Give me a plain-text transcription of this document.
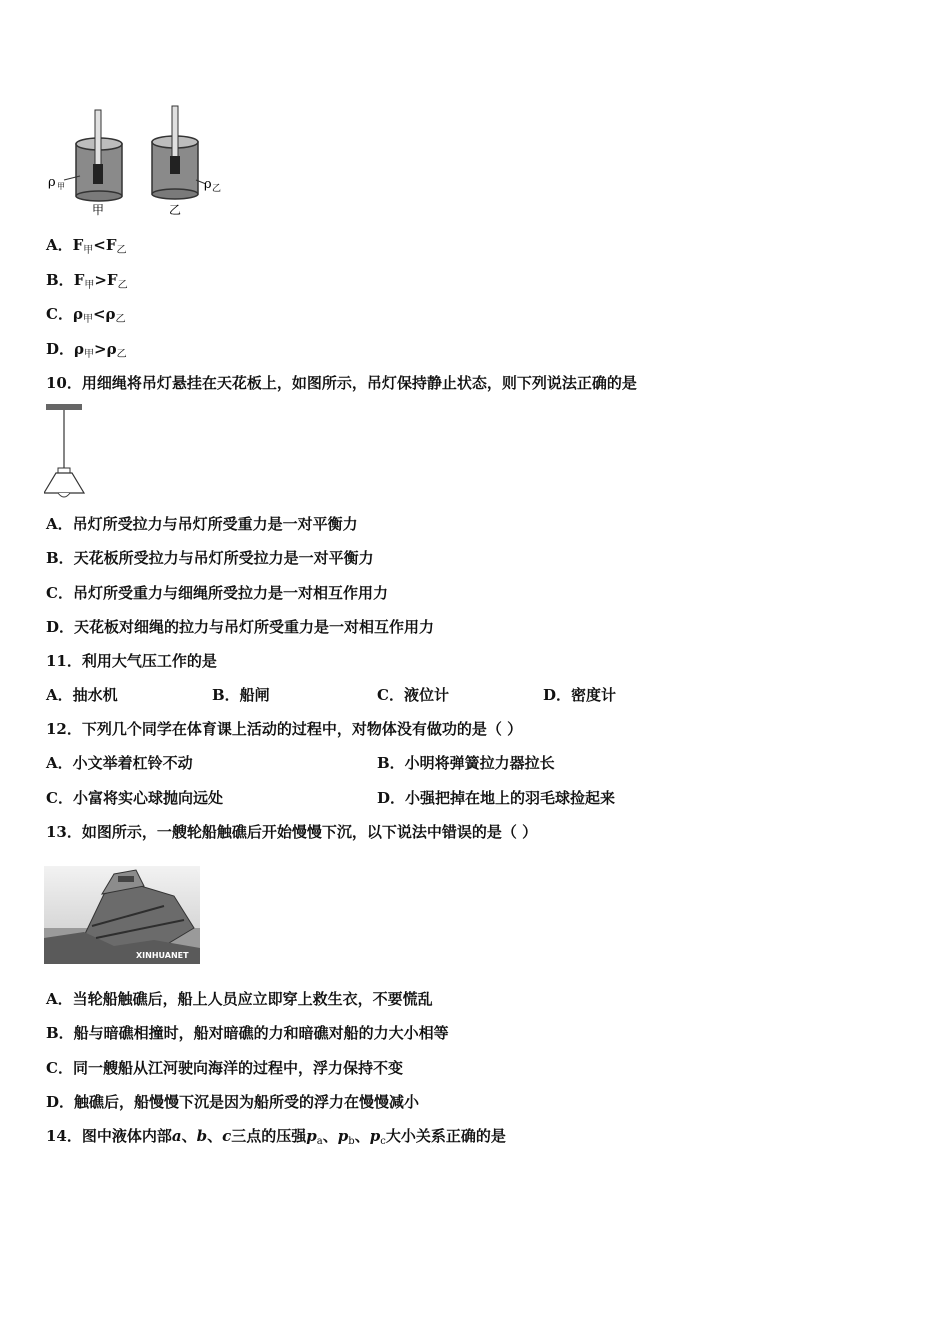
ρ 甲	ρ 乙
甲	乙
A．$F_甲<F_乙$
B．$F_甲>F_乙$
C．$\rho_甲<\rho_乙$
D．$\rho_甲>\rho_乙$
10．用细绳将吊灯悬挂在天花板上，如图所示，吊灯保持静止状态，则下列说法正确的是
A．吊灯所受拉力与吊灯所受重力是一对平衡力
B．天花板所受拉力与吊灯所受拉力是一对平衡力
C．吊灯所受重力与细绳所受拉力是一对相互作用力
D．天花板对细绳的拉力与吊灯所受重力是一对相互作用力
11．利用大气压工作的是
A．抽水机	B．船闸	C．液位计	D．密度计
12．下列几个同学在体育课上活动的过程中，对物体没有做功的是（ ）
A．小文举着杠铃不动	B．小明将弹簧拉力器拉长
C．小富将实心球抛向远处	D．小强把掉在地上的羽毛球捡起来
13．如图所示，一艘轮船触礁后开始慢慢下沉，以下说法中错误的是（ ）
XINHUANET
A．当轮船触礁后，船上人员应立即穿上救生衣，不要慌乱
B．船与暗礁相撞时，船对暗礁的力和暗礁对船的力大小相等
C．同一艘船从江河驶向海洋的过程中，浮力保持不变
D．触礁后，船慢慢下沉是因为船所受的浮力在慢慢减小
14．图中液体内部a、b、c三点的压强$p_a$、$p_b$、$p_c$大小关系正确的是
